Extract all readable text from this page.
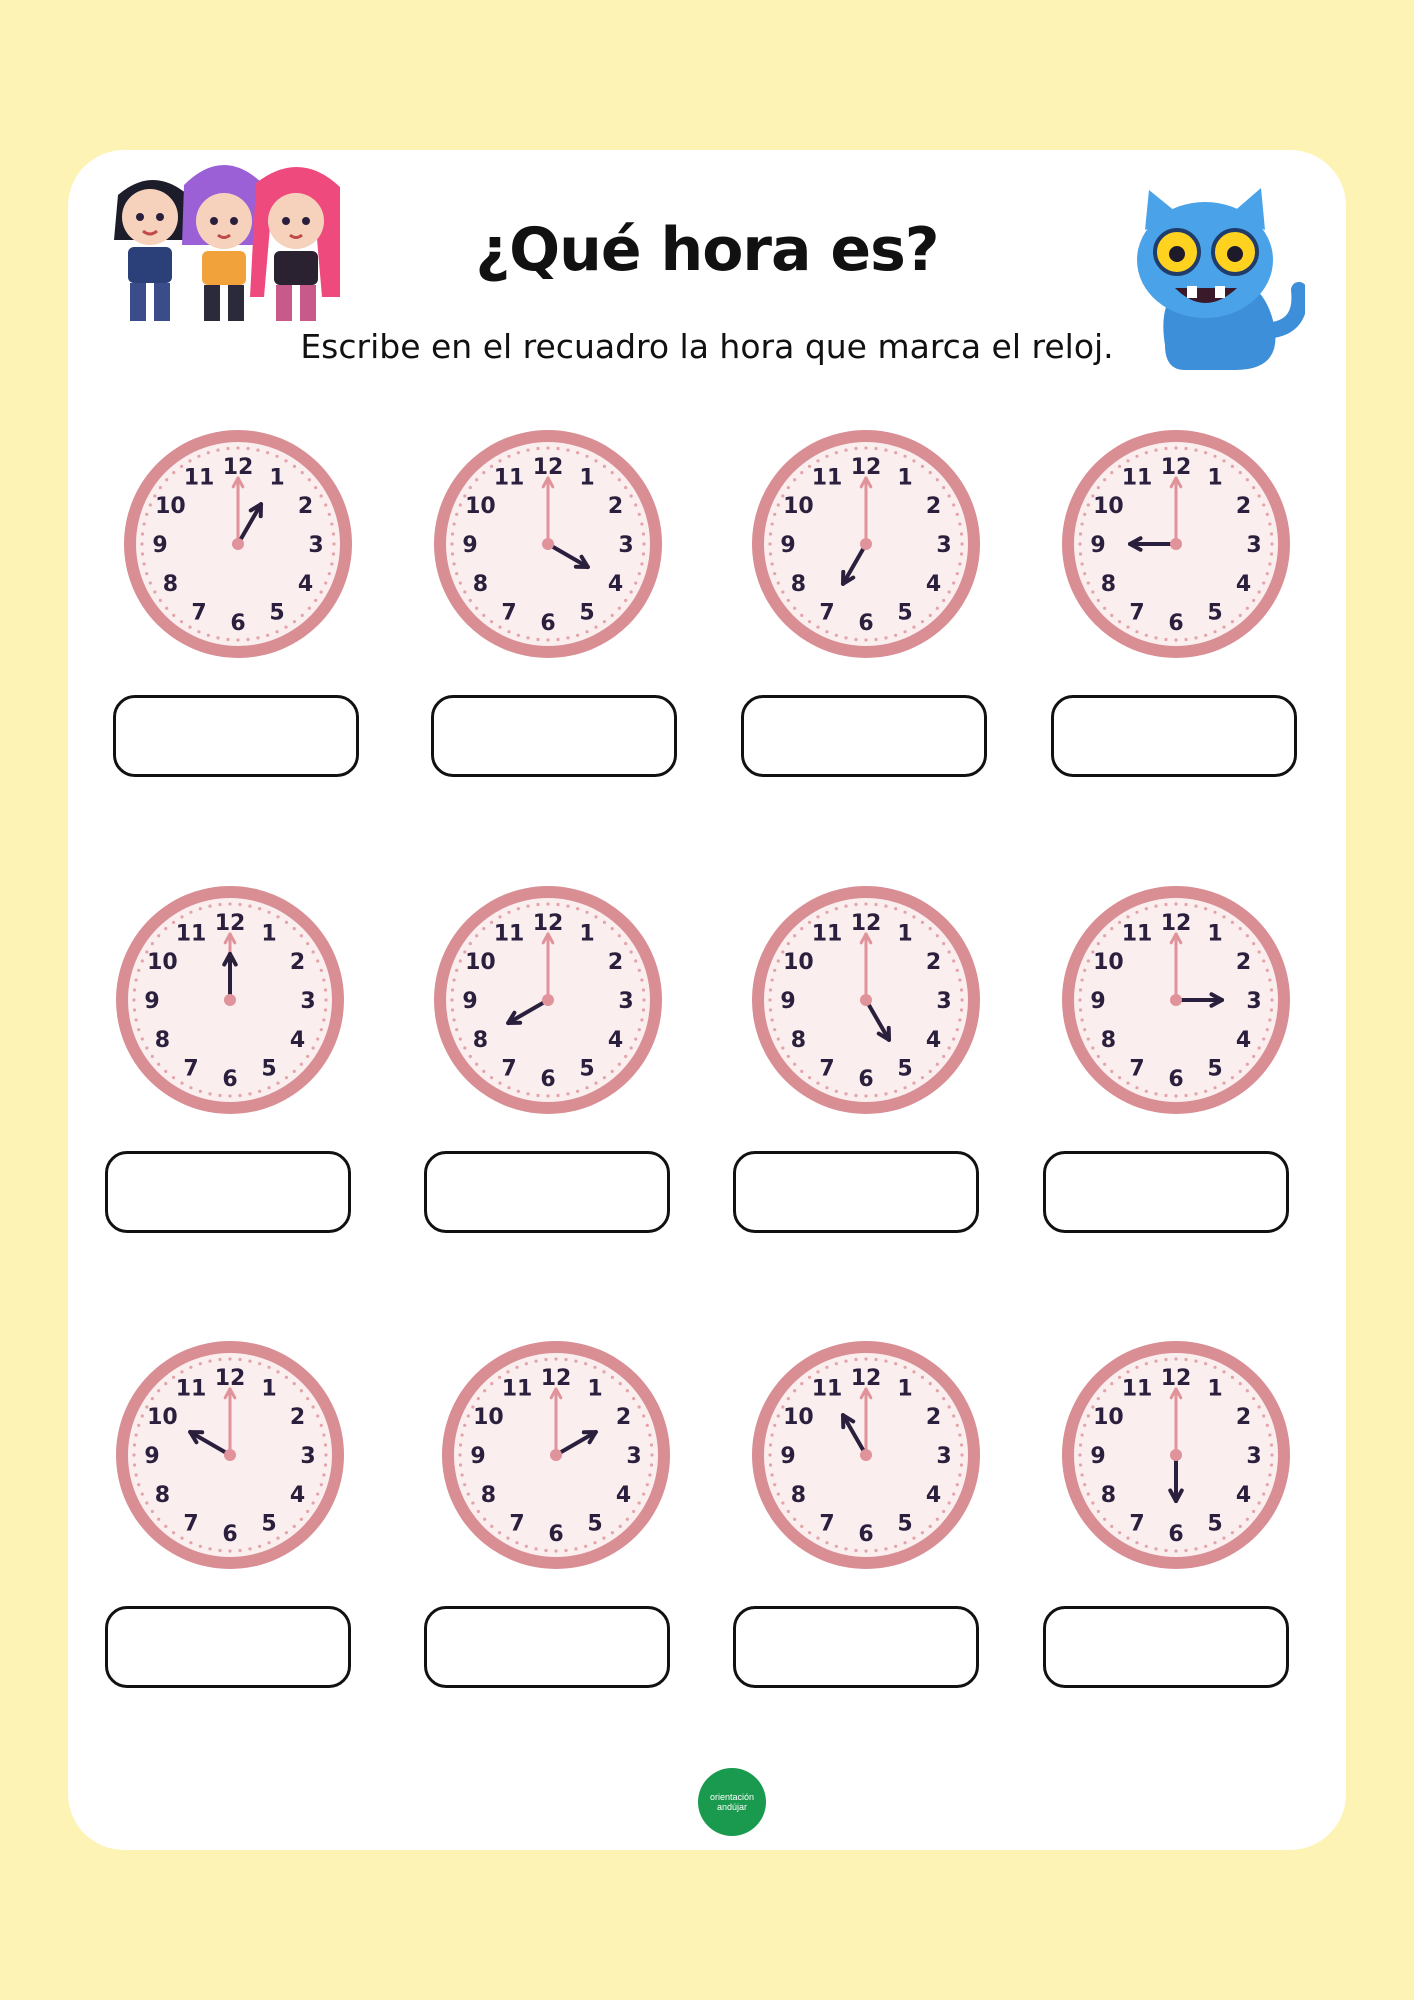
¿Qué hora es?
Escribe en el recuadro la hora que marca el reloj.
12 1
2
3
4
5
6
7
8
9
10
11	12 1
2
3
4
5
6
7
8
9
10
11	12 1
2
3
4
5
6
7
8
9
10
11	12 1
2
3
4
5
6
7
8
9
10
11
12 1
2
3
4
5
6
7
8
9
10
11	12 1
2
3
4
5
6
7
8
9
10
11	12 1
2
3
4
5
6
7
8
9
10
11	12 1
2
3
4
5
6
7
8
9
10
11
12 1
2
3
4
5
6
7
8
9
10
11	12 1
2
3
4
5
6
7
8
9
10
11	12 1
2
3
4
5
6
7
8
9
10
11	12 1
2
3
4
5
6
7
8
9
10
11
orientación andújar
